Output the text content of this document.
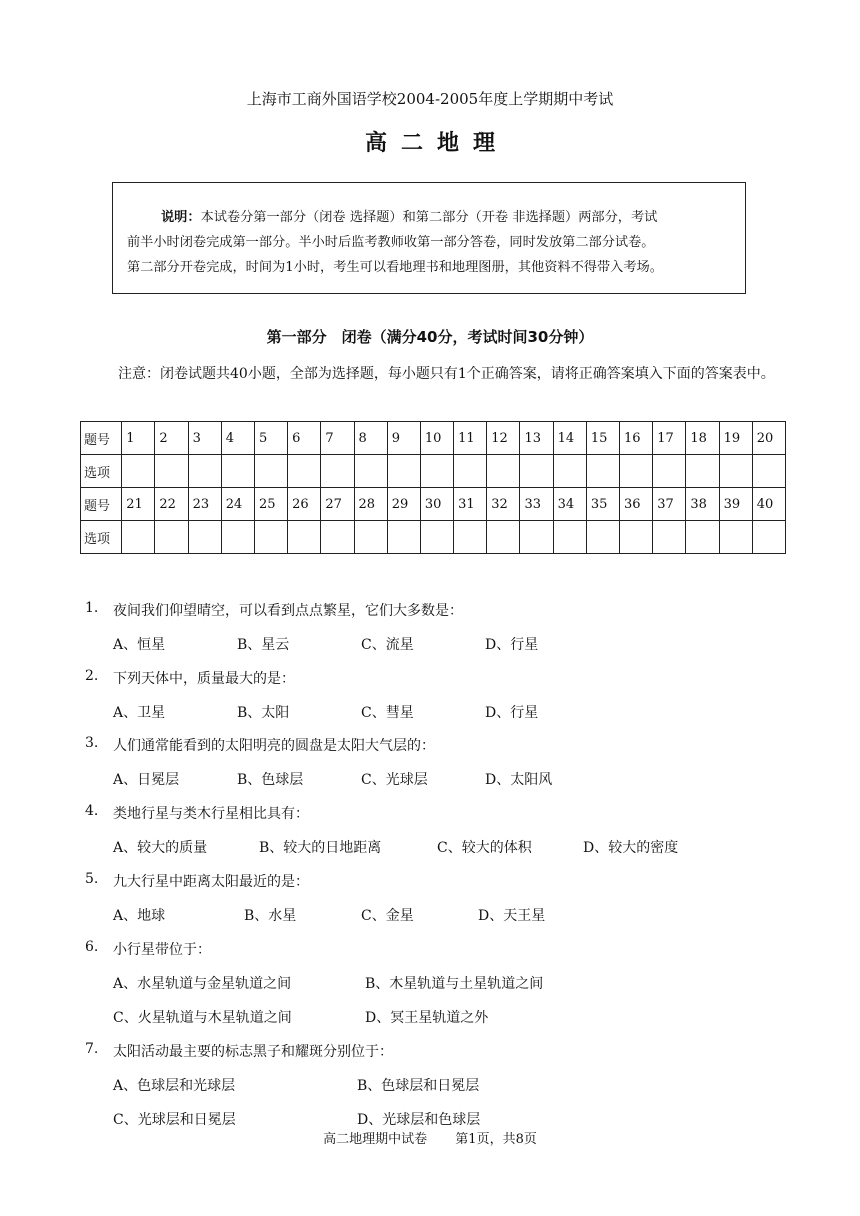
上海市工商外国语学校2004-2005年度上学期期中考试
高二地理
说明：本试卷分第一部分（闭卷 选择题）和第二部分（开卷 非选择题）两部分，考试
前半小时闭卷完成第一部分。半小时后监考教师收第一部分答卷，同时发放第二部分试卷。
第二部分开卷完成，时间为1小时，考生可以看地理书和地理图册，其他资料不得带入考场。
第一部分　闭卷（满分40分，考试时间30分钟）
注意：闭卷试题共40小题，全部为选择题，每小题只有1个正确答案，请将正确答案填入下面的答案表中。
题号	1	2	3	4	5	6	7	8	9	10	11	12	13	14	15	16	17	18	19	20
选项																				
题号	21	22	23	24	25	26	27	28	29	30	31	32	33	34	35	36	37	38	39	40
选项																				
1. 夜间我们仰望晴空，可以看到点点繁星，它们大多数是：
A、恒星	B、星云	C、流星	D、行星
2. 下列天体中，质量最大的是：
A、卫星	B、太阳	C、彗星	D、行星
3. 人们通常能看到的太阳明亮的圆盘是太阳大气层的：
A、日冕层	B、色球层	C、光球层	D、太阳风
4. 类地行星与类木行星相比具有：
A、较大的质量	B、较大的日地距离	C、较大的体积	D、较大的密度
5. 九大行星中距离太阳最近的是：
A、地球	B、水星	C、金星	D、天王星
6. 小行星带位于：
A、水星轨道与金星轨道之间	B、木星轨道与土星轨道之间
C、火星轨道与木星轨道之间	D、冥王星轨道之外
7. 太阳活动最主要的标志黑子和耀斑分别位于：
A、色球层和光球层	B、色球层和日冕层
C、光球层和日冕层	D、光球层和色球层
高二地理期中试卷 第1页，共8页
